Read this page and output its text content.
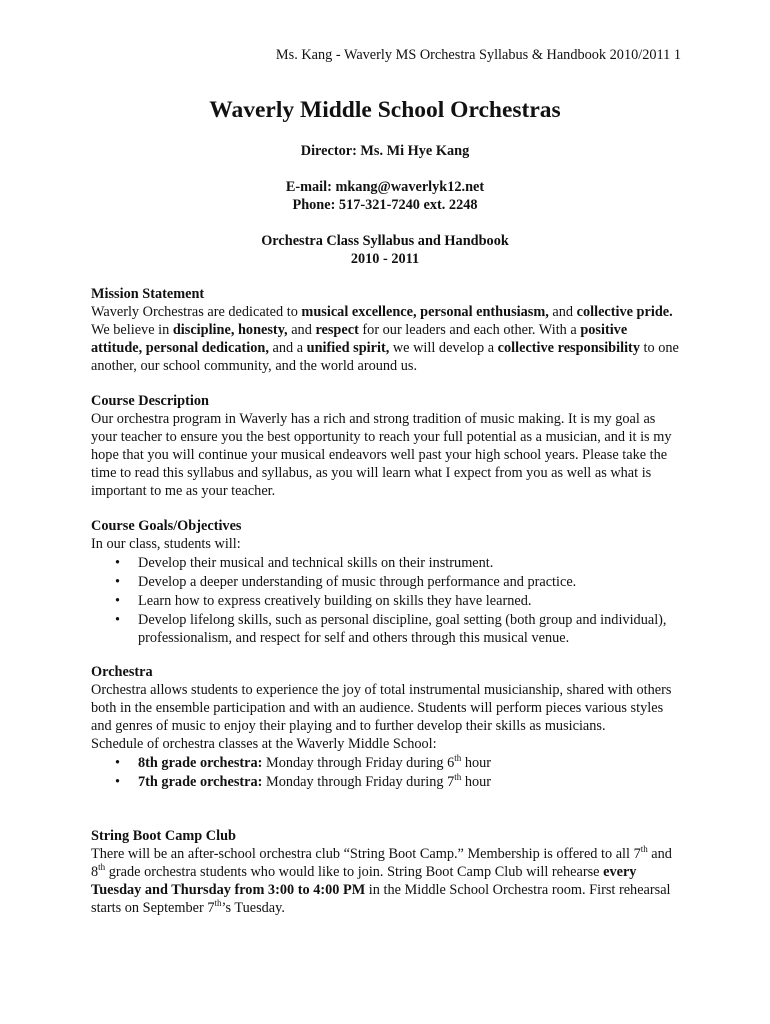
Ms. Kang - Waverly MS Orchestra Syllabus & Handbook 2010/2011 1
Waverly Middle School Orchestras
Director: Ms. Mi Hye Kang
E-mail: mkang@waverlyk12.net
Phone: 517-321-7240 ext. 2248
Orchestra Class Syllabus and Handbook
2010 - 2011

Mission Statement

Waverly Orchestras are dedicated to musical excellence, personal enthusiasm, and collective pride. We believe in discipline, honesty, and respect for our leaders and each other. With a positive attitude, personal dedication, and a unified spirit, we will develop a collective responsibility to one another, our school community, and the world around us.

Course Description

Our orchestra program in Waverly has a rich and strong tradition of music making. It is my goal as your teacher to ensure you the best opportunity to reach your full potential as a musician, and it is my hope that you will continue your musical endeavors well past your high school years. Please take the time to read this syllabus and syllabus, as you will learn what I expect from you as well as what is important to me as your teacher.

Course Goals/Objectives

In our class, students will:

• Develop their musical and technical skills on their instrument.
• Develop a deeper understanding of music through performance and practice.
• Learn how to express creatively building on skills they have learned.
• Develop lifelong skills, such as personal discipline, goal setting (both group and individual), professionalism, and respect for self and others through this musical venue.

Orchestra

Orchestra allows students to experience the joy of total instrumental musicianship, shared with others both in the ensemble participation and with an audience. Students will perform pieces various styles and genres of music to enjoy their playing and to further develop their skills as musicians.

Schedule of orchestra classes at the Waverly Middle School:

• 8th grade orchestra: Monday through Friday during 6th hour
• 7th grade orchestra: Monday through Friday during 7th hour

String Boot Camp Club

There will be an after-school orchestra club “String Boot Camp.” Membership is offered to all 7th and 8th grade orchestra students who would like to join. String Boot Camp Club will rehearse every Tuesday and Thursday from 3:00 to 4:00 PM in the Middle School Orchestra room. First rehearsal starts on September 7th’s Tuesday.
